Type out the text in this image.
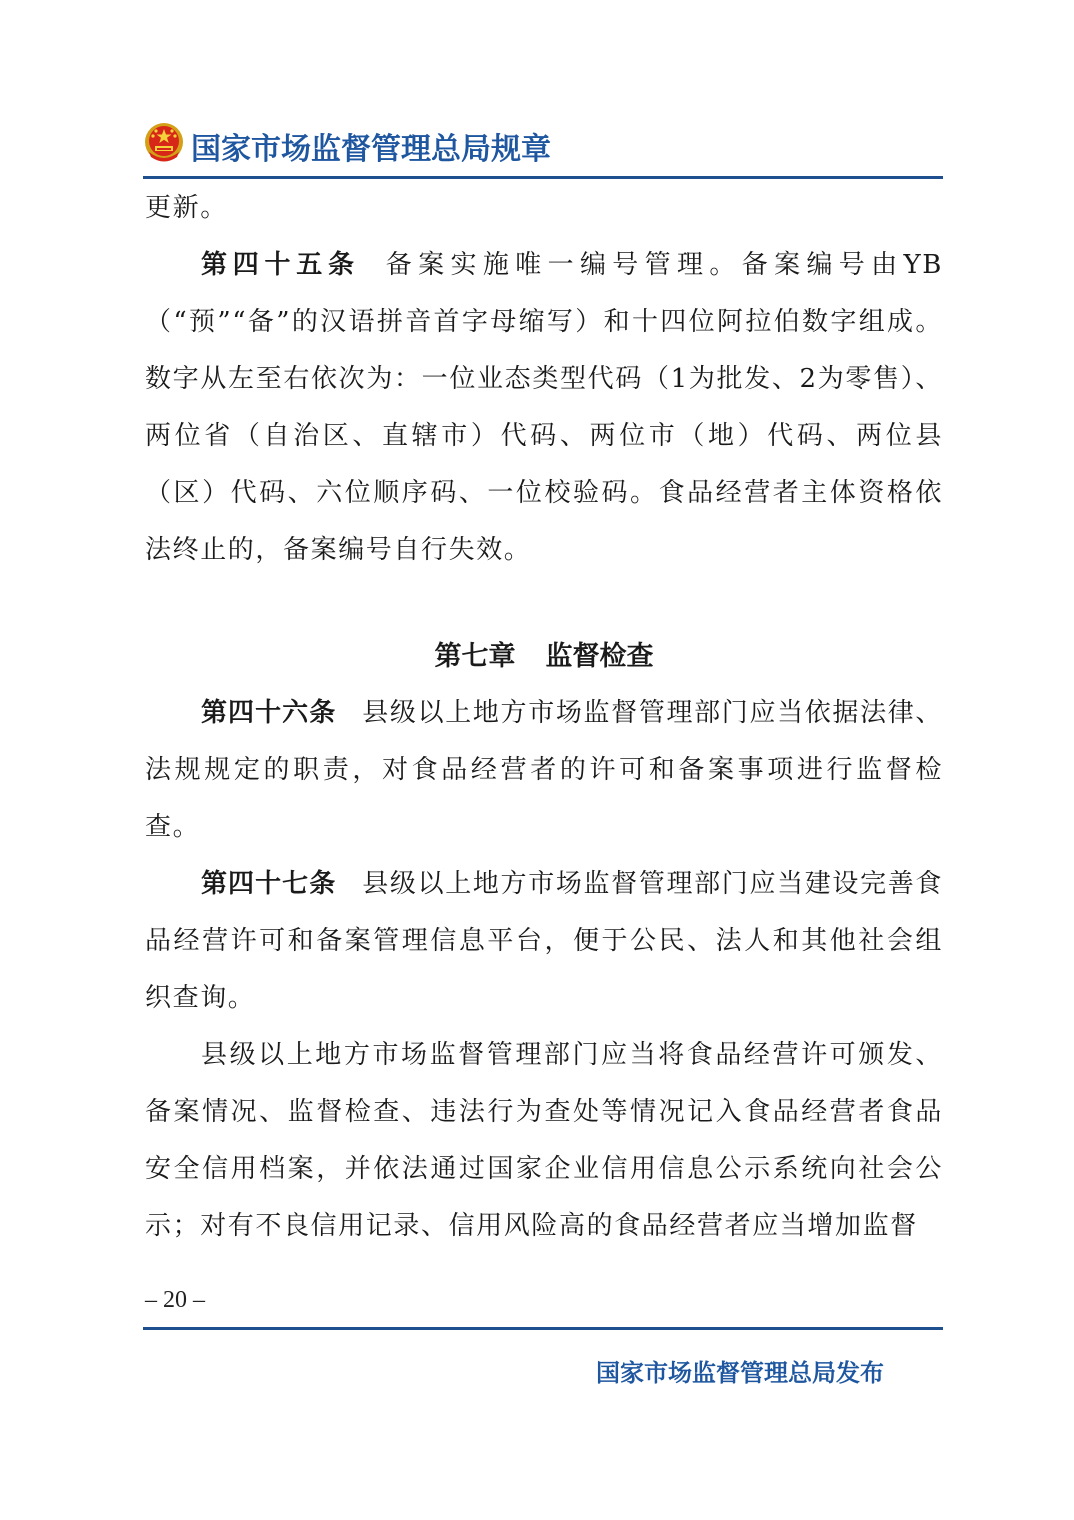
国家市场监督管理总局规章

更新。

第四十五条 备案实施唯一编号管理。备案编号由YB（“预”“备”的汉语拼音首字母缩写）和十四位阿拉伯数字组成。数字从左至右依次为：一位业态类型代码（1为批发、2为零售）、两位省（自治区、直辖市）代码、两位市（地）代码、两位县（区）代码、六位顺序码、一位校验码。食品经营者主体资格依法终止的，备案编号自行失效。

第七章 监督检查

第四十六条 县级以上地方市场监督管理部门应当依据法律、法规规定的职责，对食品经营者的许可和备案事项进行监督检查。

第四十七条 县级以上地方市场监督管理部门应当建设完善食品经营许可和备案管理信息平台，便于公民、法人和其他社会组织查询。

县级以上地方市场监督管理部门应当将食品经营许可颁发、备案情况、监督检查、违法行为查处等情况记入食品经营者食品安全信用档案，并依法通过国家企业信用信息公示系统向社会公示；对有不良信用记录、信用风险高的食品经营者应当增加监督

– 20 –
国家市场监督管理总局发布
